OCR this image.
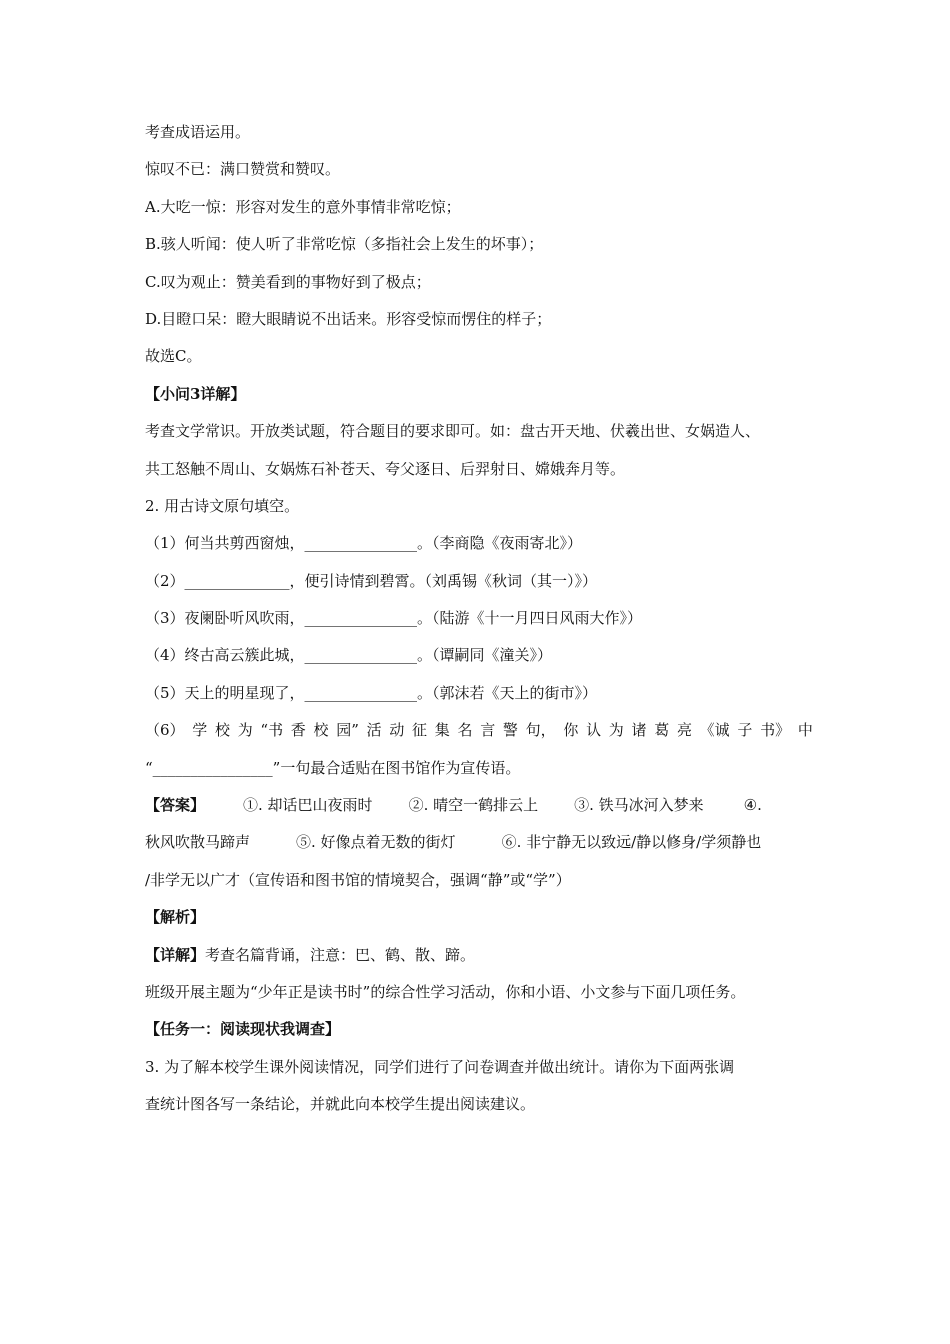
考查成语运用。
惊叹不已：满口赞赏和赞叹。
A.大吃一惊：形容对发生的意外事情非常吃惊；
B.骇人听闻：使人听了非常吃惊（多指社会上发生的坏事）；
C.叹为观止：赞美看到的事物好到了极点；
D.目瞪口呆：瞪大眼睛说不出话来。形容受惊而愣住的样子；
故选C。
【小问3详解】
考查文学常识。开放类试题，符合题目的要求即可。如：盘古开天地、伏羲出世、女娲造人、
共工怒触不周山、女娲炼石补苍天、夸父逐日、后羿射日、嫦娥奔月等。
2. 用古诗文原句填空。
（1）何当共剪西窗烛，_______________。（李商隐《夜雨寄北》）
（2）______________，便引诗情到碧霄。（刘禹锡《秋词（其一）》）
（3）夜阑卧听风吹雨，_______________。（陆游《十一月四日风雨大作》）
（4）终古高云簇此城，_______________。（谭嗣同《潼关》）
（5）天上的明星现了，_______________。（郭沫若《天上的街市》）
（6） 学 校 为 “书 香 校 园” 活 动 征 集 名 言 警 句， 你 认 为 诸 葛 亮 《诚 子 书》 中
“________________”一句最合适贴在图书馆作为宣传语。
【答案】	①. 却话巴山夜雨时 ②. 晴空一鹤排云上 ③. 铁马冰河入梦来	④.
秋风吹散马蹄声	⑤. 好像点着无数的街灯	⑥. 非宁静无以致远/静以修身/学须静也
/非学无以广才（宣传语和图书馆的情境契合，强调“静”或“学”）
【解析】
【详解】考查名篇背诵，注意：巴、鹤、散、蹄。
班级开展主题为“少年正是读书时”的综合性学习活动，你和小语、小文参与下面几项任务。
【任务一：阅读现状我调查】
3. 为了解本校学生课外阅读情况，同学们进行了问卷调查并做出统计。请你为下面两张调
查统计图各写一条结论，并就此向本校学生提出阅读建议。
